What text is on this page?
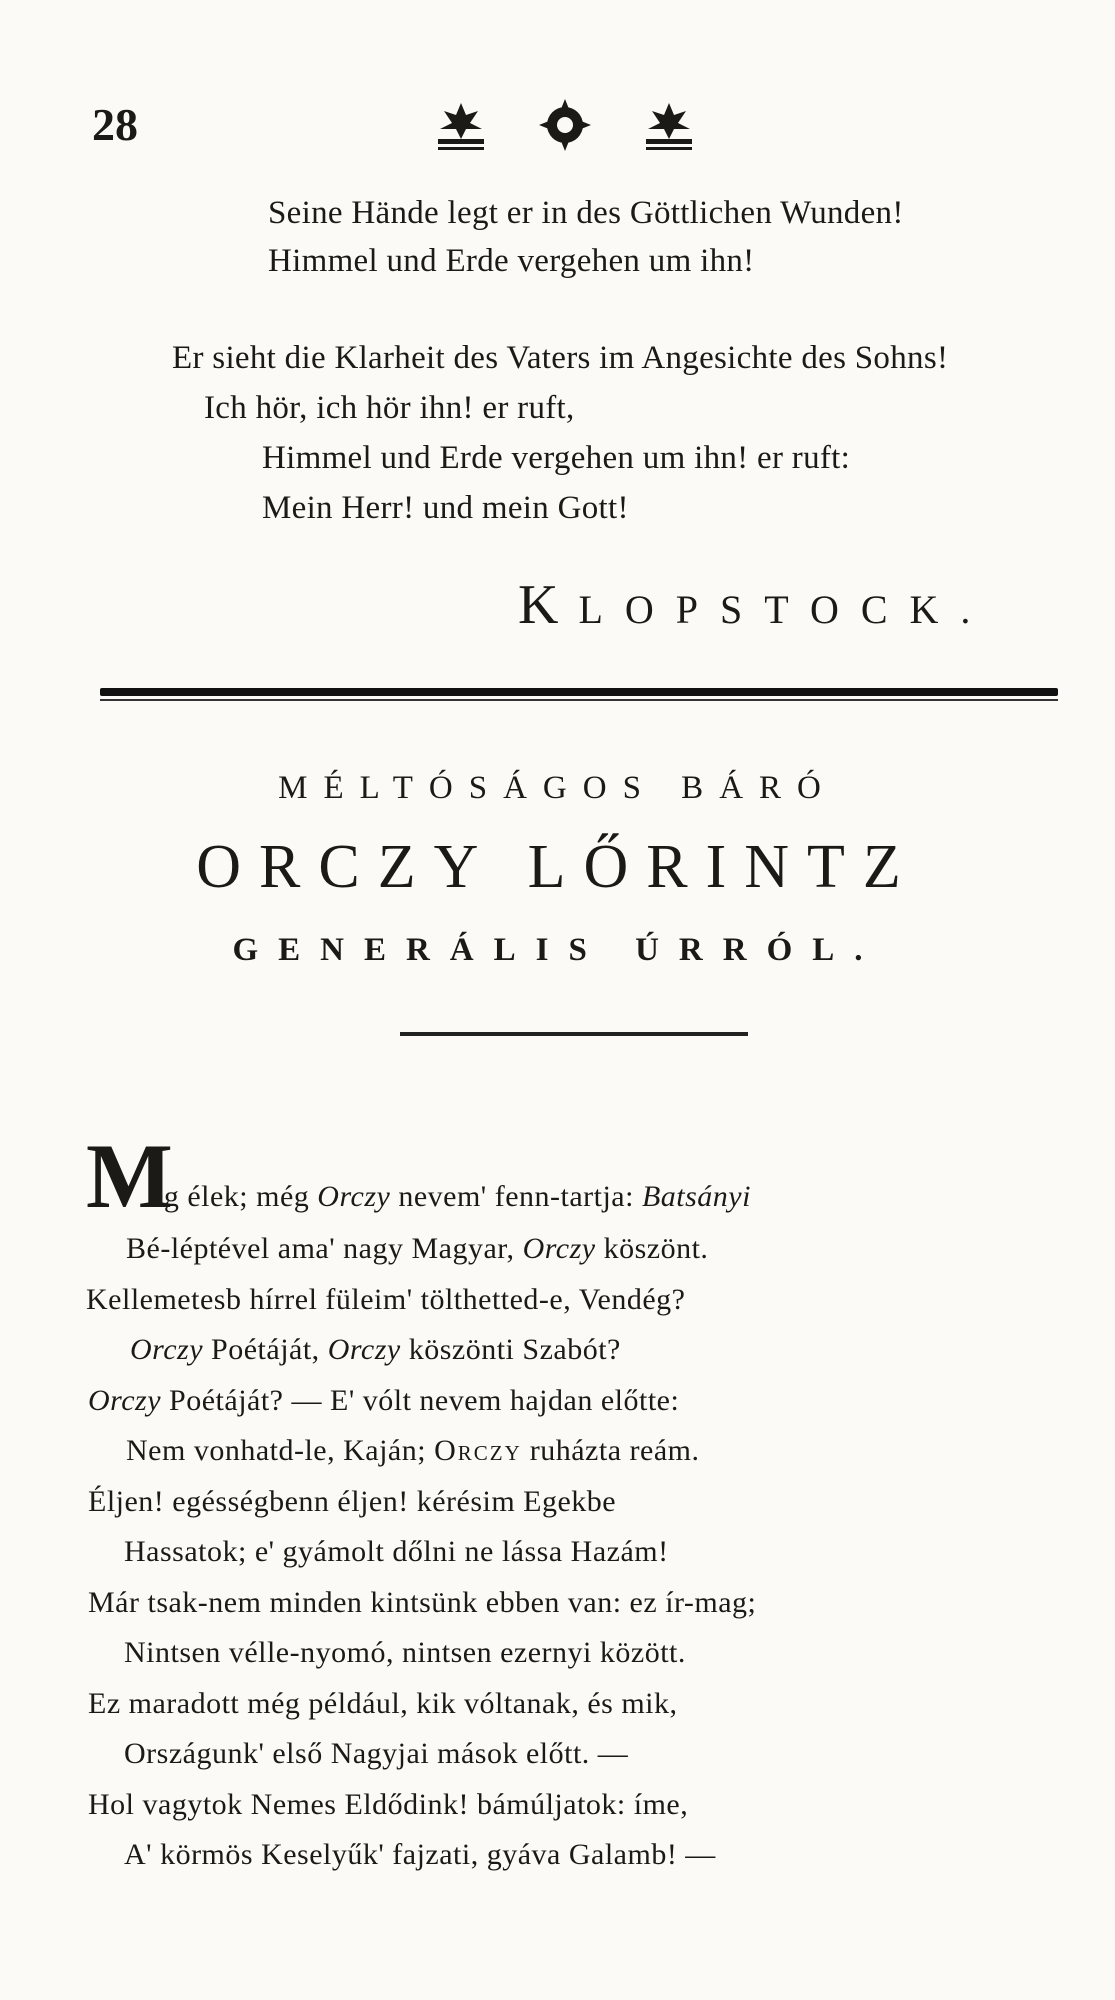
28
Seine Hände legt er in des Göttlichen Wunden!
Himmel und Erde vergehen um ihn!
Er sieht die Klarheit des Vaters im Angesichte des Sohns!
Ich hör, ich hör ihn! er ruft,
Himmel und Erde vergehen um ihn! er ruft:
Mein Herr! und mein Gott!
KLOPSTOCK.
MÉLTÓSÁGOS BÁRÓ
ORCZY LŐRINTZ
GENERÁLIS ÚRRÓL.
M
ég élek; még Orczy nevem' fenn-tartja: Batsányi
Bé-léptével ama' nagy Magyar, Orczy köszönt.
Kellemetesb hírrel füleim' tölthetted-e, Vendég?
Orczy Poétáját, Orczy köszönti Szabót?
Orczy Poétáját? — E' vólt nevem hajdan előtte:
Nem vonhatd-le, Kaján; Orczy ruházta reám.
Éljen! egésségbenn éljen! kérésim Egekbe
Hassatok; e' gyámolt dőlni ne lássa Hazám!
Már tsak-nem minden kintsünk ebben van: ez ír-mag;
Nintsen vélle-nyomó, nintsen ezernyi között.
Ez maradott még például, kik vóltanak, és mik,
Országunk' első Nagyjai mások előtt. —
Hol vagytok Nemes Eldődink! bámúljatok: íme,
A' körmös Keselyűk' fajzati, gyáva Galamb! —
